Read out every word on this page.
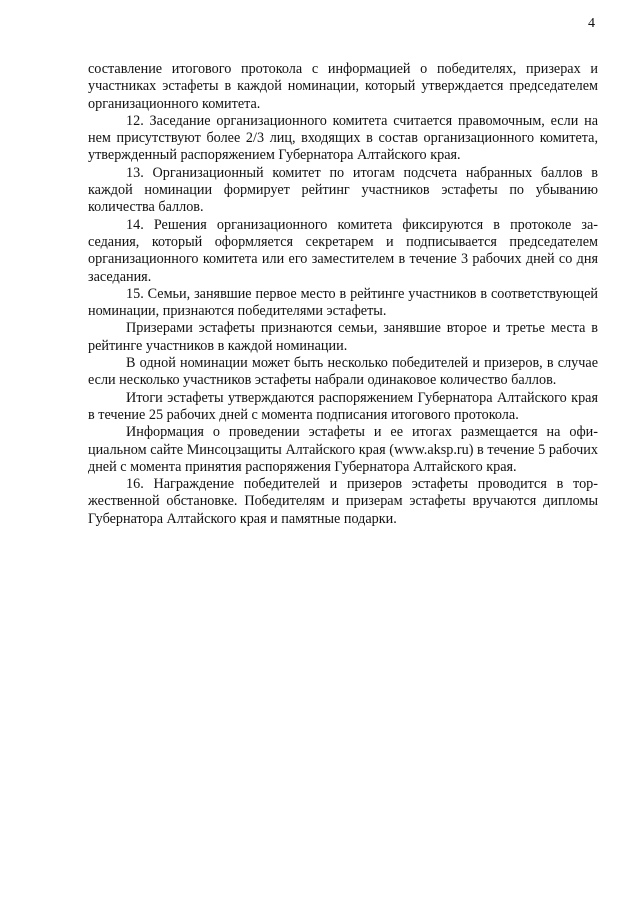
4

составление итогового протокола с информацией о победителях, призерах и участниках эстафеты в каждой номинации, который утверждается председателем организационного комитета.

12. Заседание организационного комитета считается правомочным, если на нем присутствуют более 2/3 лиц, входящих в состав организационного комитета, утвержденный распоряжением Губернатора Алтайского края.

13. Организационный комитет по итогам подсчета набранных баллов в каждой номинации формирует рейтинг участников эстафеты по убыванию количества баллов.

14. Решения организационного комитета фиксируются в протоколе заседания, который оформляется секретарем и подписывается председателем организационного комитета или его заместителем в течение 3 рабочих дней со дня заседания.

15. Семьи, занявшие первое место в рейтинге участников в соответствующей номинации, признаются победителями эстафеты.

Призерами эстафеты признаются семьи, занявшие второе и третье места в рейтинге участников в каждой номинации.

В одной номинации может быть несколько победителей и призеров, в случае если несколько участников эстафеты набрали одинаковое количество баллов.

Итоги эстафеты утверждаются распоряжением Губернатора Алтайского края в течение 25 рабочих дней с момента подписания итогового протокола.

Информация о проведении эстафеты и ее итогах размещается на официальном сайте Минсоцзащиты Алтайского края (www.aksp.ru) в течение 5 рабочих дней с момента принятия распоряжения Губернатора Алтайского края.

16. Награждение победителей и призеров эстафеты проводится в торжественной обстановке. Победителям и призерам эстафеты вручаются дипломы Губернатора Алтайского края и памятные подарки.
